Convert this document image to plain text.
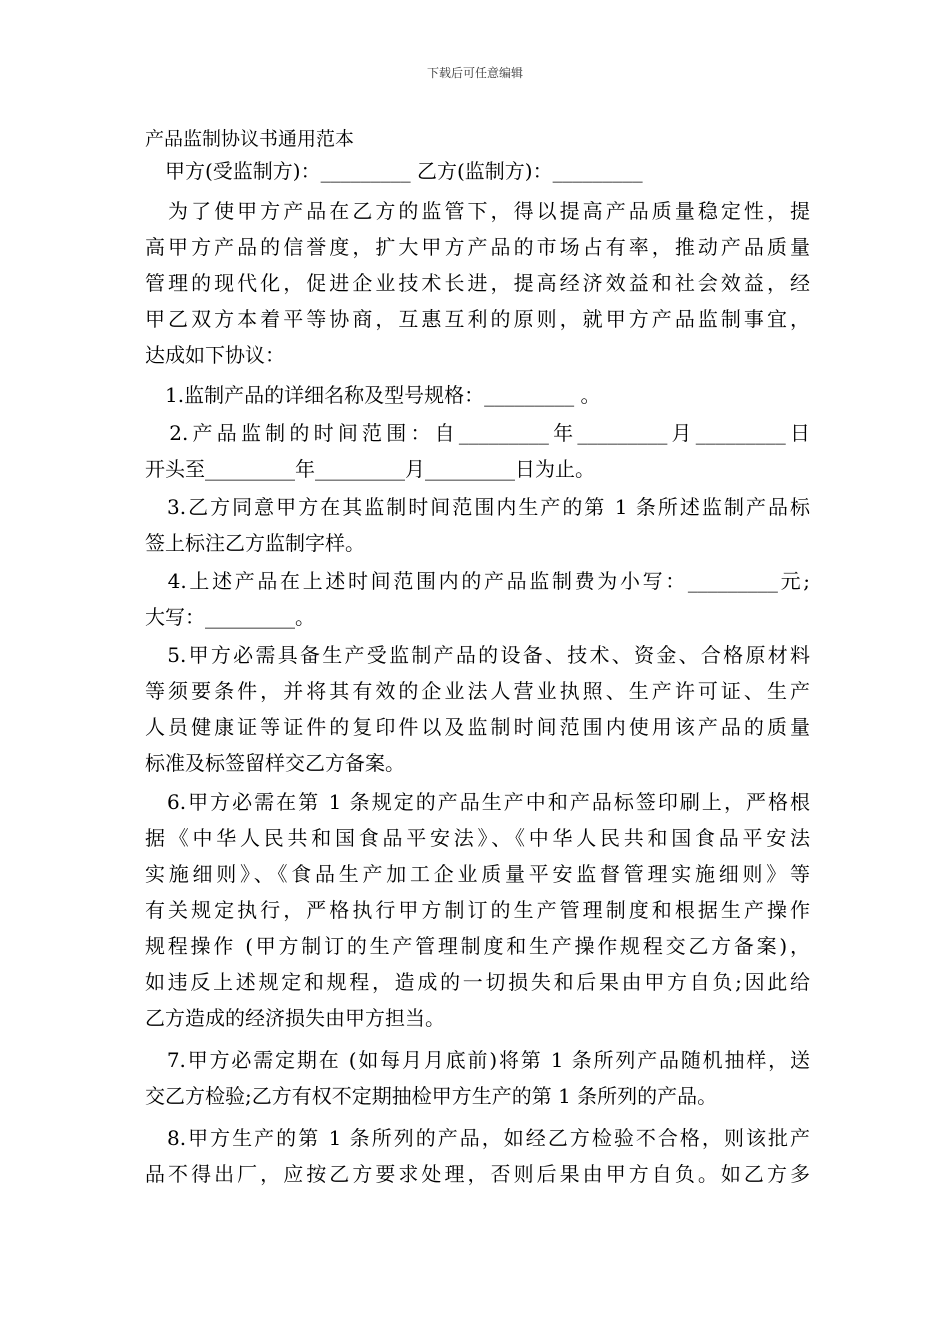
下载后可任意编辑
产品监制协议书通用范本
　甲方(受监制方)：_________ 乙方(监制方)：_________
　为了使甲方产品在乙方的监管下，得以提高产品质量稳定性，提
高甲方产品的信誉度，扩大甲方产品的市场占有率，推动产品质量
管理的现代化，促进企业技术长进，提高经济效益和社会效益，经
甲乙双方本着平等协商，互惠互利的原则，就甲方产品监制事宜，
达成如下协议：
　1.监制产品的详细名称及型号规格：_________ 。
　2.产品监制的时间范围：自_________年_________月_________日
开头至_________年_________月_________日为止。
　3.乙方同意甲方在其监制时间范围内生产的第 1 条所述监制产品标
签上标注乙方监制字样。
　4.上述产品在上述时间范围内的产品监制费为小写：_________元;
大写：_________。
　5.甲方必需具备生产受监制产品的设备、技术、资金、合格原材料
等须要条件，并将其有效的企业法人营业执照、生产许可证、生产
人员健康证等证件的复印件以及监制时间范围内使用该产品的质量
标准及标签留样交乙方备案。
　6.甲方必需在第 1 条规定的产品生产中和产品标签印刷上，严格根
据《中华人民共和国食品平安法》、《中华人民共和国食品平安法
实施细则》、《食品生产加工企业质量平安监督管理实施细则》等
有关规定执行，严格执行甲方制订的生产管理制度和根据生产操作
规程操作 (甲方制订的生产管理制度和生产操作规程交乙方备案)，
如违反上述规定和规程，造成的一切损失和后果由甲方自负;因此给
乙方造成的经济损失由甲方担当。
　7.甲方必需定期在 (如每月月底前)将第 1 条所列产品随机抽样，送
交乙方检验;乙方有权不定期抽检甲方生产的第 1 条所列的产品。
　8.甲方生产的第 1 条所列的产品，如经乙方检验不合格，则该批产
品不得出厂，应按乙方要求处理，否则后果由甲方自负。如乙方多
